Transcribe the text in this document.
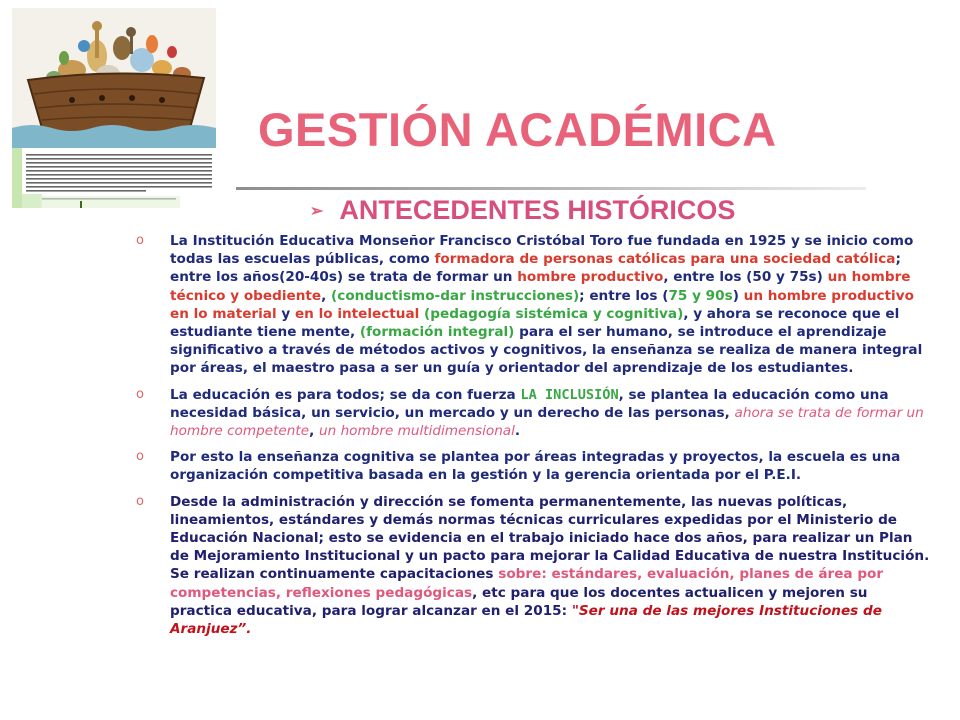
GESTIÓN ACADÉMICA
➢ ANTECEDENTES HISTÓRICOS
o La Institución Educativa Monseñor Francisco Cristóbal Toro fue fundada en 1925 y se inicio como todas las escuelas públicas, como formadora de personas católicas para una sociedad católica; entre los años(20-40s) se trata de formar un hombre productivo, entre los (50 y 75s) un hombre técnico y obediente, (conductismo-dar instrucciones); entre los (75 y 90s) un hombre productivo en lo material y en lo intelectual (pedagogía sistémica y cognitiva), y ahora se reconoce que el estudiante tiene mente, (formación integral) para el ser humano, se introduce el aprendizaje significativo a través de métodos activos y cognitivos, la enseñanza se realiza de manera integral por áreas, el maestro pasa a ser un guía y orientador del aprendizaje de los estudiantes.
o La educación es para todos; se da con fuerza LA INCLUSIÓN, se plantea la educación como una necesidad básica, un servicio, un mercado y un derecho de las personas, ahora se trata de formar un hombre competente, un hombre multidimensional.
o Por esto la enseñanza cognitiva se plantea por áreas integradas y proyectos, la escuela es una organización competitiva basada en la gestión y la gerencia orientada por el P.E.I.
o Desde la administración y dirección se fomenta permanentemente, las nuevas políticas, lineamientos, estándares y demás normas técnicas curriculares expedidas por el Ministerio de Educación Nacional; esto se evidencia en el trabajo iniciado hace dos años, para realizar un Plan de Mejoramiento Institucional y un pacto para mejorar la Calidad Educativa de nuestra Institución. Se realizan continuamente capacitaciones sobre: estándares, evaluación, planes de área por competencias, reflexiones pedagógicas, etc para que los docentes actualicen y mejoren su practica educativa, para lograr alcanzar en el 2015: "Ser una de las mejores Instituciones de Aranjuez”.
